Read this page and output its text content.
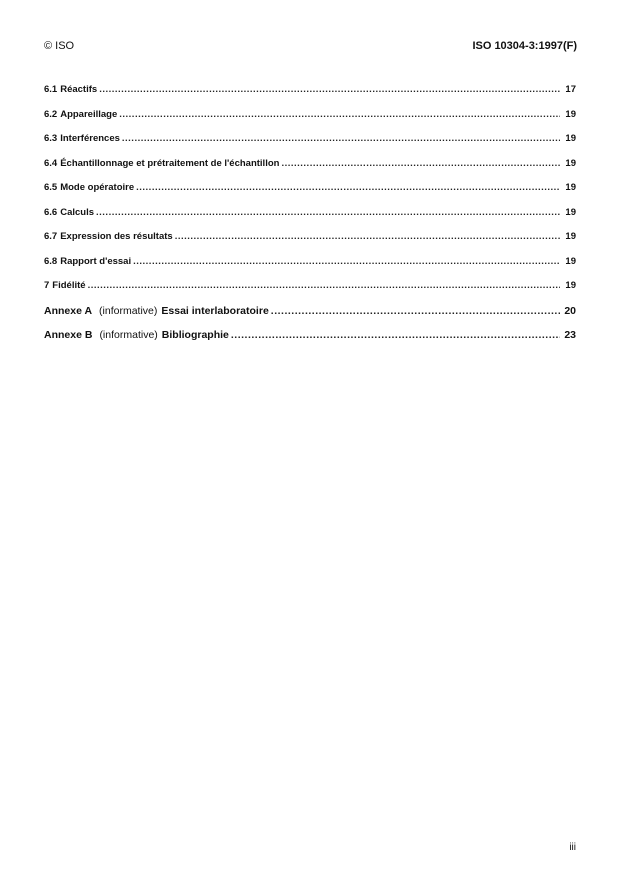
© ISO	ISO 10304-3:1997(F)
6.1 Réactifs .....	17
6.2 Appareillage .....	19
6.3 Interférences .....	19
6.4 Échantillonnage et prétraitement de l'échantillon .....	19
6.5 Mode opératoire .....	19
6.6 Calculs .....	19
6.7 Expression des résultats .....	19
6.8 Rapport d'essai .....	19
7 Fidélité .....	19
Annexe A (informative) Essai interlaboratoire .....	20
Annexe B (informative) Bibliographie .....	23
iii
